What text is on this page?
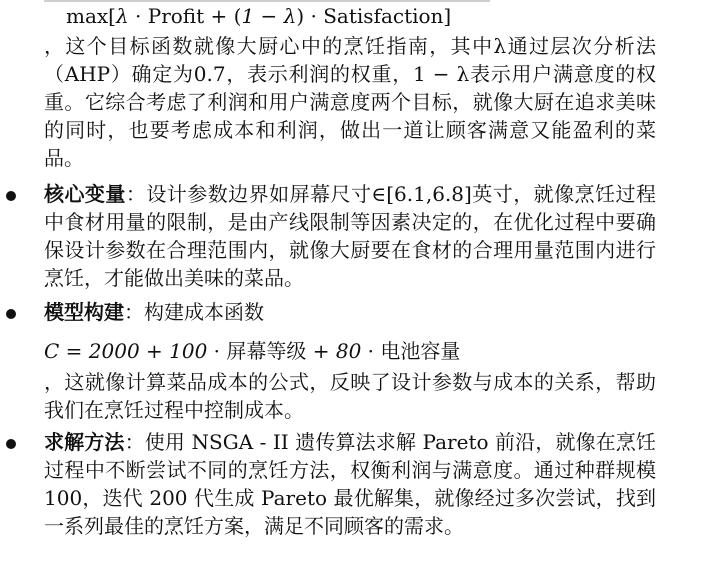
max[λ · Profit + (1 − λ) · Satisfaction]
，这个目标函数就像大厨心中的烹饪指南，其中λ通过层次分析法（AHP）确定为0.7，表示利润的权重，1 − λ表示用户满意度的权重。它综合考虑了利润和用户满意度两个目标，就像大厨在追求美味的同时，也要考虑成本和利润，做出一道让顾客满意又能盈利的菜品。
核心变量：设计参数边界如屏幕尺寸∈[6.1,6.8]英寸，就像烹饪过程中食材用量的限制，是由产线限制等因素决定的，在优化过程中要确保设计参数在合理范围内，就像大厨要在食材的合理用量范围内进行烹饪，才能做出美味的菜品。
模型构建：构建成本函数
C = 2000 + 100 · 屏幕等级 + 80 · 电池容量
，这就像计算菜品成本的公式，反映了设计参数与成本的关系，帮助我们在烹饪过程中控制成本。
求解方法：使用 NSGA - II 遗传算法求解 Pareto 前沿，就像在烹饪过程中不断尝试不同的烹饪方法，权衡利润与满意度。通过种群规模 100，迭代 200 代生成 Pareto 最优解集，就像经过多次尝试，找到一系列最佳的烹饪方案，满足不同顾客的需求。
